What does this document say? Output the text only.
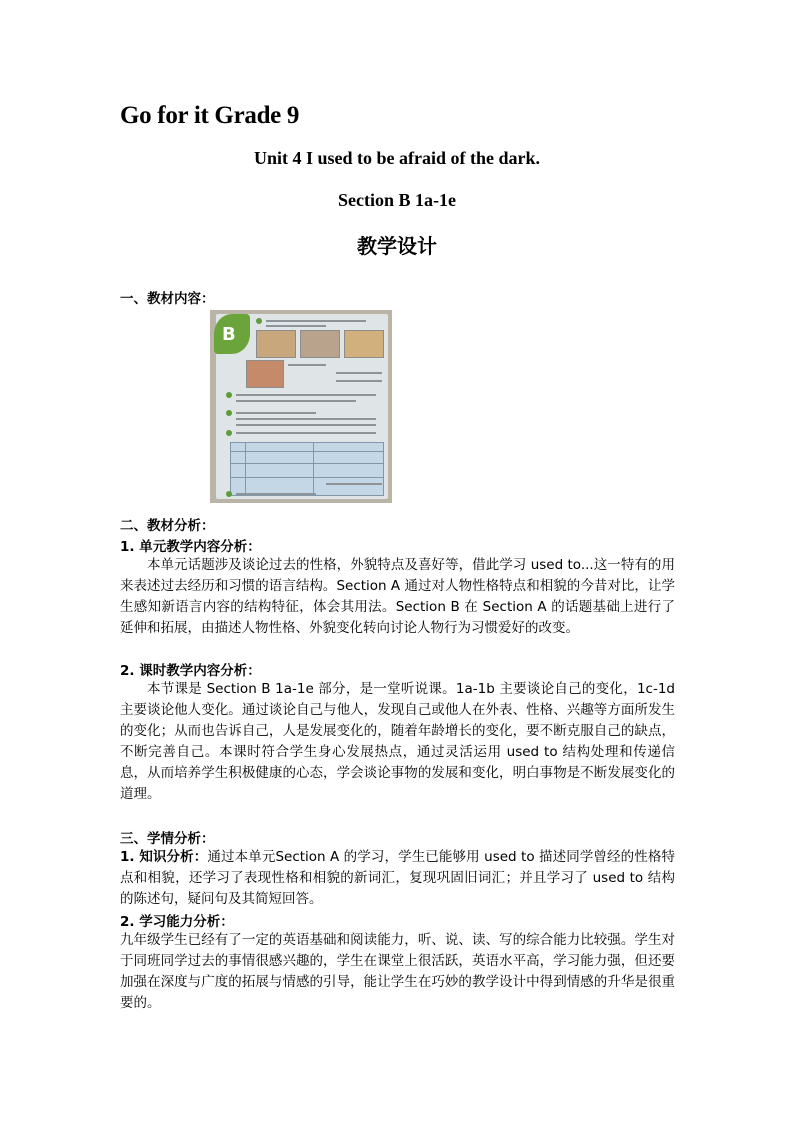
Go for it Grade 9
Unit 4 I used to be afraid of the dark.
Section B 1a-1e
教学设计
一、教材内容：
B
二、教材分析：
1. 单元教学内容分析：

本单元话题涉及谈论过去的性格，外貌特点及喜好等，借此学习 used to...这一特有的用来表述过去经历和习惯的语言结构。Section A 通过对人物性格特点和相貌的今昔对比，让学生感知新语言内容的结构特征，体会其用法。Section B 在 Section A 的话题基础上进行了延伸和拓展，由描述人物性格、外貌变化转向讨论人物行为习惯爱好的改变。

2. 课时教学内容分析：

本节课是 Section B 1a-1e 部分，是一堂听说课。1a-1b 主要谈论自己的变化，1c-1d 主要谈论他人变化。通过谈论自己与他人，发现自己或他人在外表、性格、兴趣等方面所发生的变化；从而也告诉自己，人是发展变化的，随着年龄增长的变化，要不断克服自己的缺点，不断完善自己。本课时符合学生身心发展热点，通过灵活运用 used to 结构处理和传递信息，从而培养学生积极健康的心态，学会谈论事物的发展和变化，明白事物是不断发展变化的道理。

三、学情分析：

1. 知识分析：通过本单元Section A 的学习，学生已能够用 used to 描述同学曾经的性格特点和相貌，还学习了表现性格和相貌的新词汇，复现巩固旧词汇；并且学习了 used to 结构的陈述句，疑问句及其简短回答。

2. 学习能力分析：

九年级学生已经有了一定的英语基础和阅读能力，听、说、读、写的综合能力比较强。学生对于同班同学过去的事情很感兴趣的，学生在课堂上很活跃，英语水平高，学习能力强，但还要加强在深度与广度的拓展与情感的引导，能让学生在巧妙的教学设计中得到情感的升华是很重要的。
